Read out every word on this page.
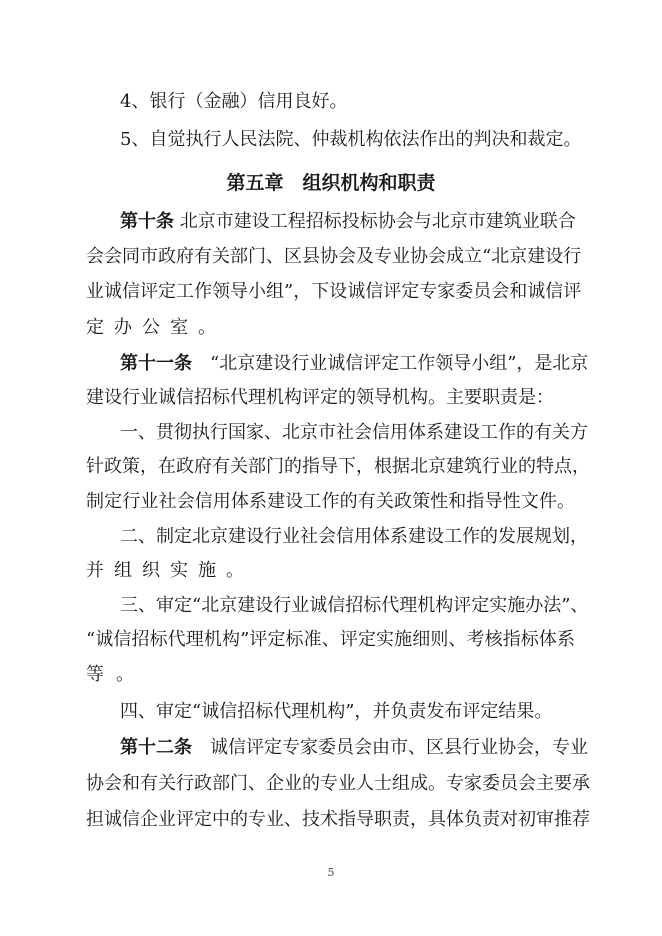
4、银行（金融）信用良好。
5、自觉执行人民法院、仲裁机构依法作出的判决和裁定。
第五章　组织机构和职责
第十条 北京市建设工程招标投标协会与北京市建筑业联合
会会同市政府有关部门、区县协会及专业协会成立“北京建设行
业诚信评定工作领导小组”，下设诚信评定专家委员会和诚信评
定办公室。
第十一条　“北京建设行业诚信评定工作领导小组”，是北京
建设行业诚信招标代理机构评定的领导机构。主要职责是：
一、贯彻执行国家、北京市社会信用体系建设工作的有关方
针政策，在政府有关部门的指导下，根据北京建筑行业的特点，
制定行业社会信用体系建设工作的有关政策性和指导性文件。
二、制定北京建设行业社会信用体系建设工作的发展规划，
并组织实施。
三、审定“北京建设行业诚信招标代理机构评定实施办法”、
“诚信招标代理机构”评定标准、评定实施细则、考核指标体系
等。
四、审定“诚信招标代理机构”，并负责发布评定结果。
第十二条　诚信评定专家委员会由市、区县行业协会，专业
协会和有关行政部门、企业的专业人士组成。专家委员会主要承
担诚信企业评定中的专业、技术指导职责，具体负责对初审推荐
5
